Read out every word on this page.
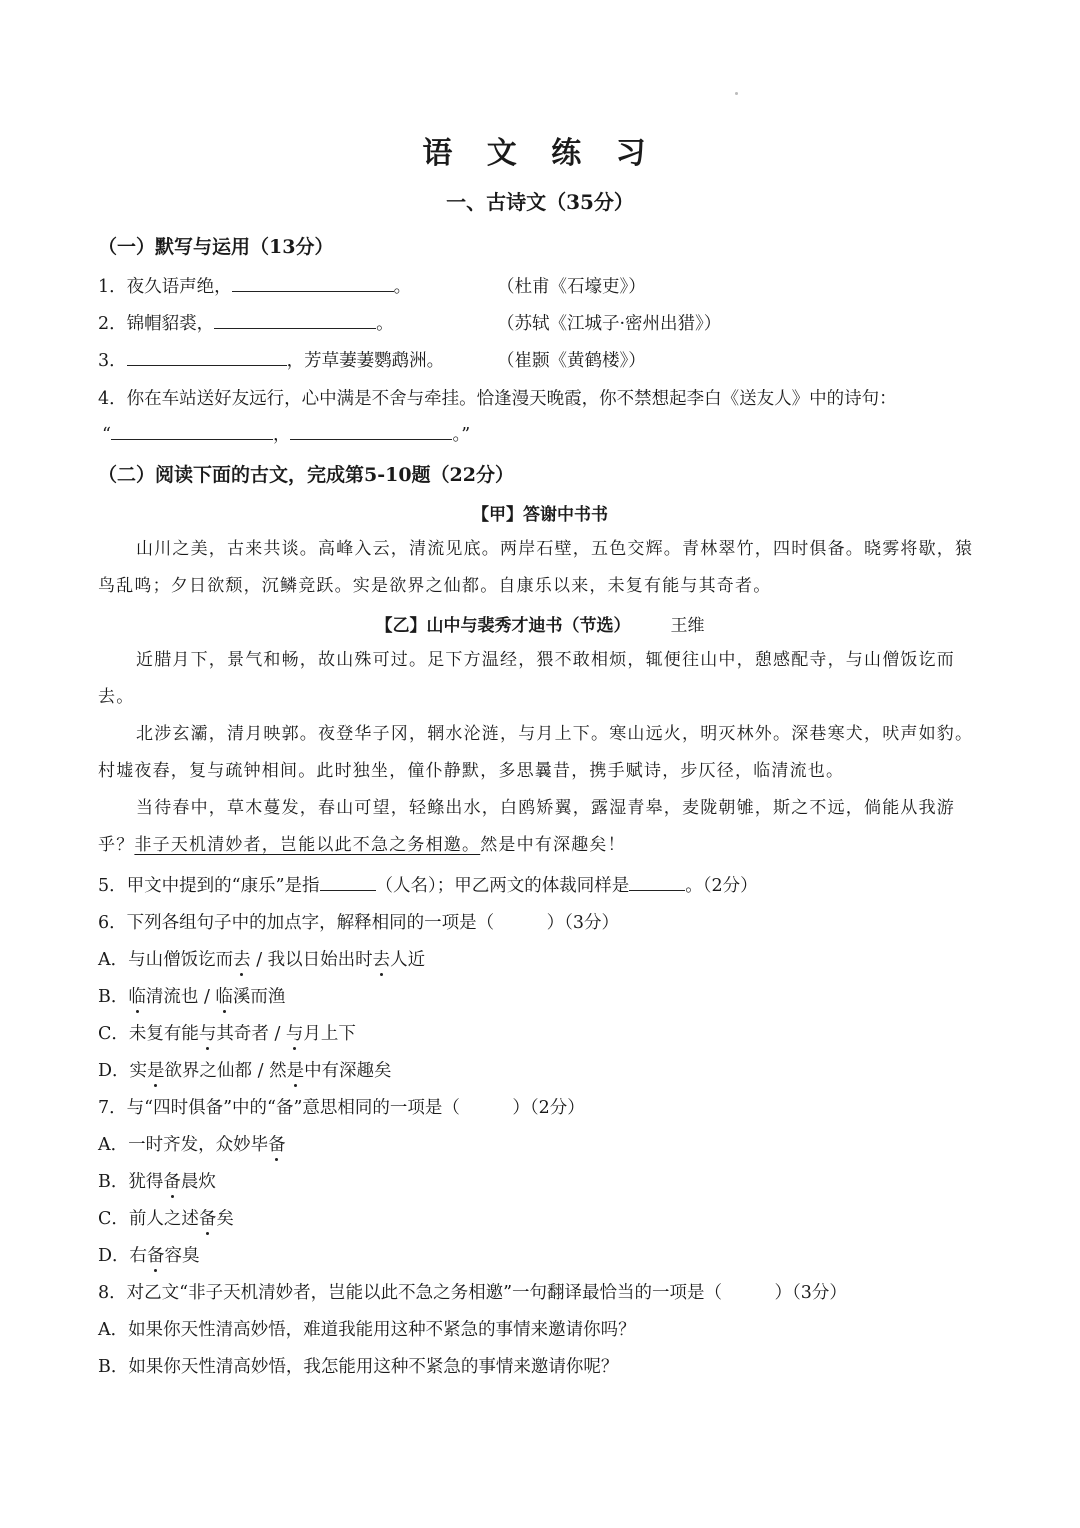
语 文 练 习
一、古诗文（35分）
（一）默写与运用（13分）
1．夜久语声绝，	。	（杜甫《石壕吏》）
2．锦帽貂裘，	。	（苏轼《江城子·密州出猎》）
3．	，芳草萋萋鹦鹉洲。	（崔颢《黄鹤楼》）
4．你在车站送好友远行，心中满是不舍与牵挂。恰逢漫天晚霞，你不禁想起李白《送友人》中的诗句：
“	，	。”
（二）阅读下面的古文，完成第5-10题（22分）
【甲】答谢中书书
山川之美，古来共谈。高峰入云，清流见底。两岸石壁，五色交辉。青林翠竹，四时俱备。晓雾将歇，猿鸟乱鸣；夕日欲颓，沉鳞竞跃。实是欲界之仙都。自康乐以来，未复有能与其奇者。
【乙】山中与裴秀才迪书（节选） 王维
近腊月下，景气和畅，故山殊可过。足下方温经，猥不敢相烦，辄便往山中，憩感配寺，与山僧饭讫而去。
北涉玄灞，清月映郭。夜登华子冈，辋水沦涟，与月上下。寒山远火，明灭林外。深巷寒犬，吠声如豹。村墟夜舂，复与疏钟相间。此时独坐，僮仆静默，多思曩昔，携手赋诗，步仄径，临清流也。
当待春中，草木蔓发，春山可望，轻鲦出水，白鸥矫翼，露湿青皋，麦陇朝雊，斯之不远，倘能从我游乎？非子天机清妙者，岂能以此不急之务相邀。然是中有深趣矣！
5．甲文中提到的“康乐”是指	（人名）；甲乙两文的体裁同样是	。（2分）
6．下列各组句子中的加点字，解释相同的一项是（　　　）（3分）
A．与山僧饭讫而去 / 我以日始出时去人近
B．临清流也 / 临溪而渔
C．未复有能与其奇者 / 与月上下
D．实是欲界之仙都 / 然是中有深趣矣
7．与“四时俱备”中的“备”意思相同的一项是（　　　）（2分）
A．一时齐发，众妙毕备
B．犹得备晨炊
C．前人之述备矣
D．右备容臭
8．对乙文“非子天机清妙者，岂能以此不急之务相邀”一句翻译最恰当的一项是（　　　）（3分）
A．如果你天性清高妙悟，难道我能用这种不紧急的事情来邀请你吗？
B．如果你天性清高妙悟，我怎能用这种不紧急的事情来邀请你呢？
